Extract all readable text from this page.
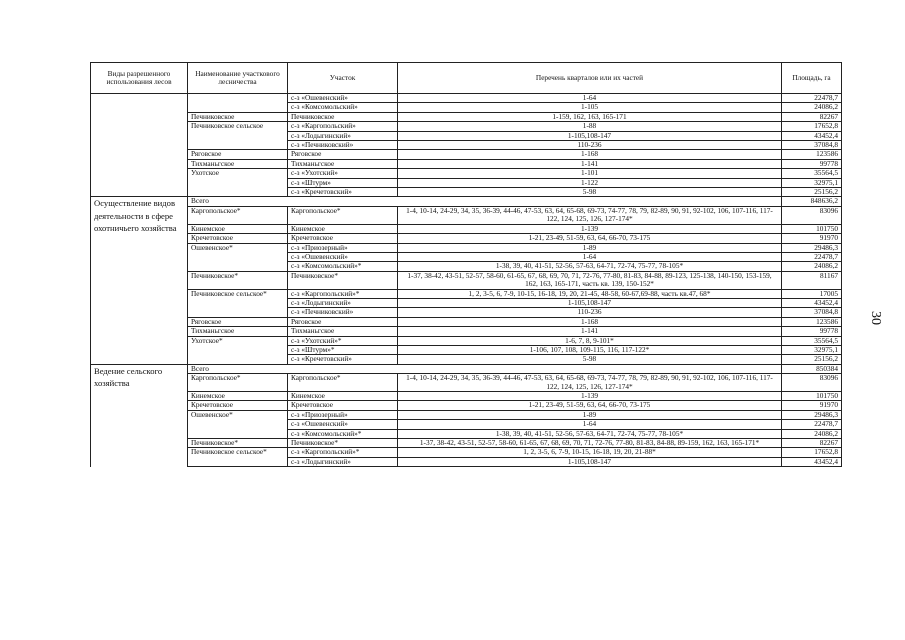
Виды разрешенного использования лесов	Наименование участкового лесничества	Участок	Перечень кварталов или их частей	Площадь, га
		с-з «Ошевенский»	1-64	22478,7
		с-з «Комсомольский»	1-105	24086,2
	Печниковское	Печниковское	1-159, 162, 163, 165-171	82267
	Печниковское сельское	с-з «Каргопольский»	1-88	17652,8
		с-з «Лодыгинский»	1-105,108-147	43452,4
		с-з «Печниковский»	110-236	37084,8
	Ряговское	Ряговское	1-168	123586
	Тихманьгское	Тихманьгское	1-141	99778
	Ухотское	с-з «Ухотский»	1-101	35564,5
		с-з «Штурм»	1-122	32975,1
		с-з «Кречетовский»	5-98	25156,2
Осуществление видов деятельности в сфере охотничьего хозяйства	Всего			848636,2
	Каргопольское*	Каргопольское*	1-4, 10-14, 24-29, 34, 35, 36-39, 44-46, 47-53, 63, 64, 65-68, 69-73, 74-77, 78, 79, 82-89, 90, 91, 92-102, 106, 107-116, 117-122, 124, 125, 126, 127-174*	83096
	Кинемское	Кинемское	1-139	101750
	Кречетовское	Кречетовское	1-21, 23-49, 51-59, 63, 64, 66-70, 73-175	91970
	Ошевенское*	с-з «Приозерный»	1-89	29486,3
		с-з «Ошевенский»	1-64	22478,7
		с-з «Комсомольский»*	1-38, 39, 40, 41-51, 52-56, 57-63, 64-71, 72-74, 75-77, 78-105*	24086,2
	Печниковское*	Печниковское*	1-37, 38-42, 43-51, 52-57, 58-60, 61-65, 67, 68, 69, 70, 71, 72-76, 77-80, 81-83, 84-88, 89-123, 125-138, 140-150, 153-159, 162, 163, 165-171, часть кв. 139, 150-152*	81167
	Печниковское сельское*	с-з «Каргопольский»*	1, 2, 3-5, 6, 7-9, 10-15, 16-18, 19, 20, 21-45, 48-58, 60-67,69-88, часть кв.47, 68*	17005
		с-з «Лодыгинский»	1-105,108-147	43452,4
		с-з «Печниковский»	110-236	37084,8
	Ряговское	Ряговское	1-168	123586
	Тихманьгское	Тихманьгское	1-141	99778
	Ухотское*	с-з «Ухотский»*	1-6, 7, 8, 9-101*	35564,5
		с-з «Штурм»*	1-106, 107, 108, 109-115, 116, 117-122*	32975,1
		с-з «Кречетовский»	5-98	25156,2
Ведение сельского хозяйства	Всего			850384
	Каргопольское*	Каргопольское*	1-4, 10-14, 24-29, 34, 35, 36-39, 44-46, 47-53, 63, 64, 65-68, 69-73, 74-77, 78, 79, 82-89, 90, 91, 92-102, 106, 107-116, 117-122, 124, 125, 126, 127-174*	83096
	Кинемское	Кинемское	1-139	101750
	Кречетовское	Кречетовское	1-21, 23-49, 51-59, 63, 64, 66-70, 73-175	91970
	Ошевенское*	с-з «Приозерный»	1-89	29486,3
		с-з «Ошевенский»	1-64	22478,7
		с-з «Комсомольский»*	1-38, 39, 40, 41-51, 52-56, 57-63, 64-71, 72-74, 75-77, 78-105*	24086,2
	Печниковское*	Печниковское*	1-37, 38-42, 43-51, 52-57, 58-60, 61-65, 67, 68, 69, 70, 71, 72-76, 77-80, 81-83, 84-88, 89-159, 162, 163, 165-171*	82267
	Печниковское сельское*	с-з «Каргопольский»*	1, 2, 3-5, 6, 7-9, 10-15, 16-18, 19, 20, 21-88*	17652,8
		с-з «Лодыгинский»	1-105,108-147	43452,4
30
